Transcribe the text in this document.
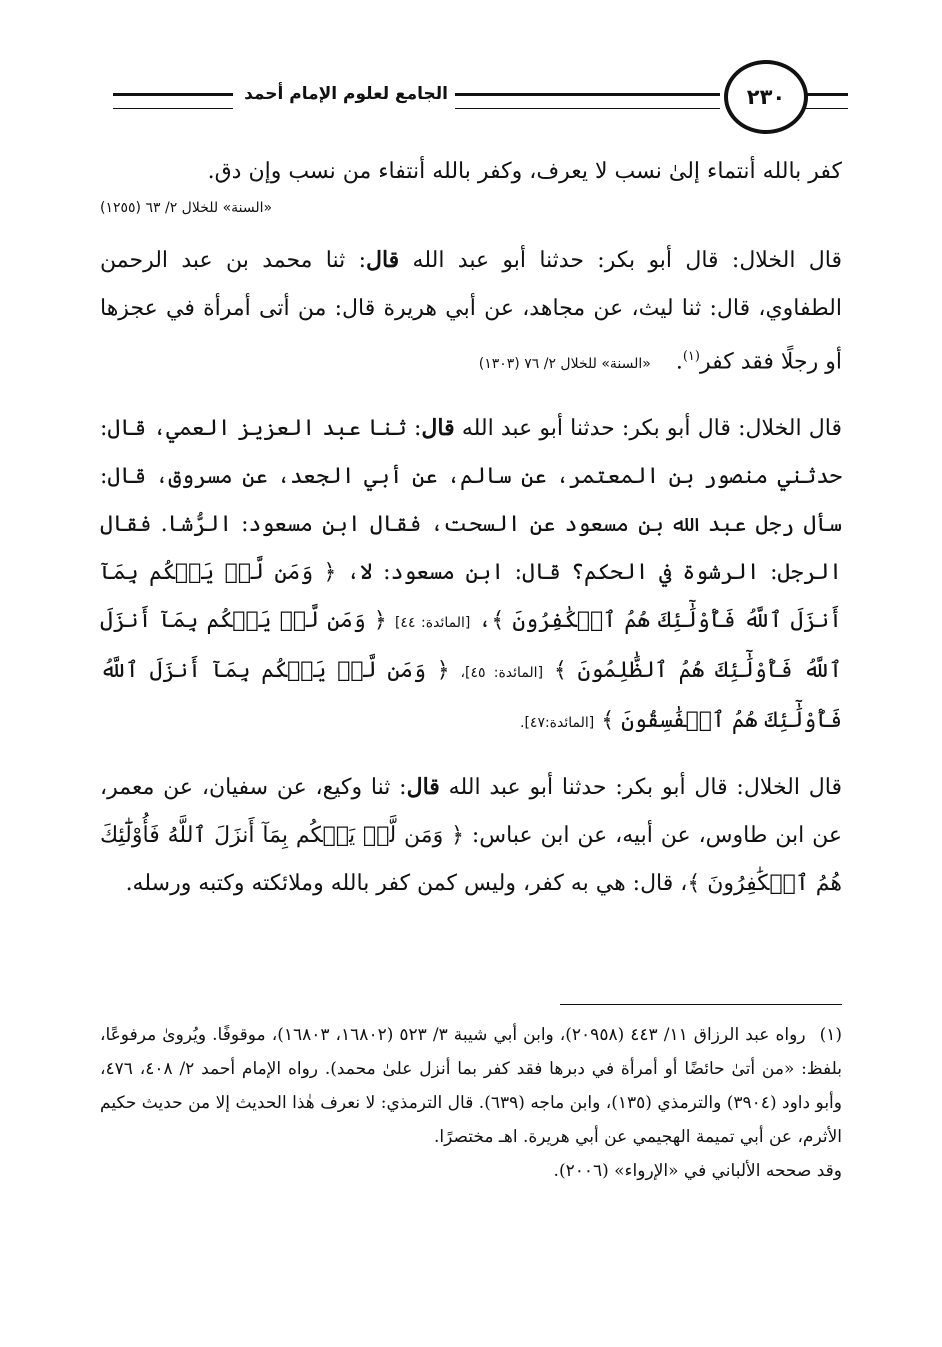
٢٣٠
الجامع لعلوم الإمام أحمد

كفر بالله أنتماء إلىٰ نسب لا يعرف، وكفر بالله أنتفاء من نسب وإن دق.

«السنة» للخلال ٢/ ٦٣ (١٢٥٥)

قال الخلال: قال أبو بكر: حدثنا أبو عبد الله قال: ثنا محمد بن عبد الرحمن الطفاوي، قال: ثنا ليث، عن مجاهد، عن أبي هريرة قال: من أتى أمرأة في عجزها أو رجلًا فقد كفر$^{(١)}$. «السنة» للخلال ٢/ ٧٦ (١٣٠٣)

قال الخلال: قال أبو بكر: حدثنا أبو عبد الله قال: ثنا عبد العزيز العمي، قال: حدثني منصور بن المعتمر، عن سالم، عن أبي الجعد، عن مسروق، قال: سأل رجل عبد الله بن مسعود عن السحت، فقال ابن مسعود: الرُّشا. فقال الرجل: الرشوة في الحكم؟ قال: ابن مسعود: لا، ﴿ وَمَن لَّمۡ يَحۡكُم بِمَآ أَنزَلَ ٱللَّهُ فَأُوْلَٰٓئِكَ هُمُ ٱلۡكَٰفِرُونَ ﴾، [المائدة: ٤٤] ﴿ وَمَن لَّمۡ يَحۡكُم بِمَآ أَنزَلَ ٱللَّهُ فَأُوْلَٰٓئِكَ هُمُ ٱلظَّٰلِمُونَ ﴾ [المائدة: ٤٥]، ﴿ وَمَن لَّمۡ يَحۡكُم بِمَآ أَنزَلَ ٱللَّهُ فَأُوْلَٰٓئِكَ هُمُ ٱلۡفَٰسِقُونَ ﴾ [المائدة:٤٧].

قال الخلال: قال أبو بكر: حدثنا أبو عبد الله قال: ثنا وكيع، عن سفيان، عن معمر، عن ابن طاوس، عن أبيه، عن ابن عباس: ﴿ وَمَن لَّمۡ يَحۡكُم بِمَآ أَنزَلَ ٱللَّهُ فَأُوْلَٰٓئِكَ هُمُ ٱلۡكَٰفِرُونَ ﴾، قال: هي به كفر، وليس كمن كفر بالله وملائكته وكتبه ورسله.

(١)رواه عبد الرزاق ١١/ ٤٤٣ (٢٠٩٥٨)، وابن أبي شيبة ٣/ ٥٢٣ (١٦٨٠٢، ١٦٨٠٣)، موقوفًا. ويُروىٰ مرفوعًا، بلفظ: «من أتىٰ حائضًا أو أمرأة في دبرها فقد كفر بما أنزل علىٰ محمد). رواه الإمام أحمد ٢/ ٤٠٨، ٤٧٦، وأبو داود (٣٩٠٤) والترمذي (١٣٥)، وابن ماجه (٦٣٩). قال الترمذي: لا نعرف هٰذا الحديث إلا من حديث حكيم الأثرم، عن أبي تميمة الهجيمي عن أبي هريرة. اهـ مختصرًا.

وقد صححه الألباني في «الإرواء» (٢٠٠٦).
